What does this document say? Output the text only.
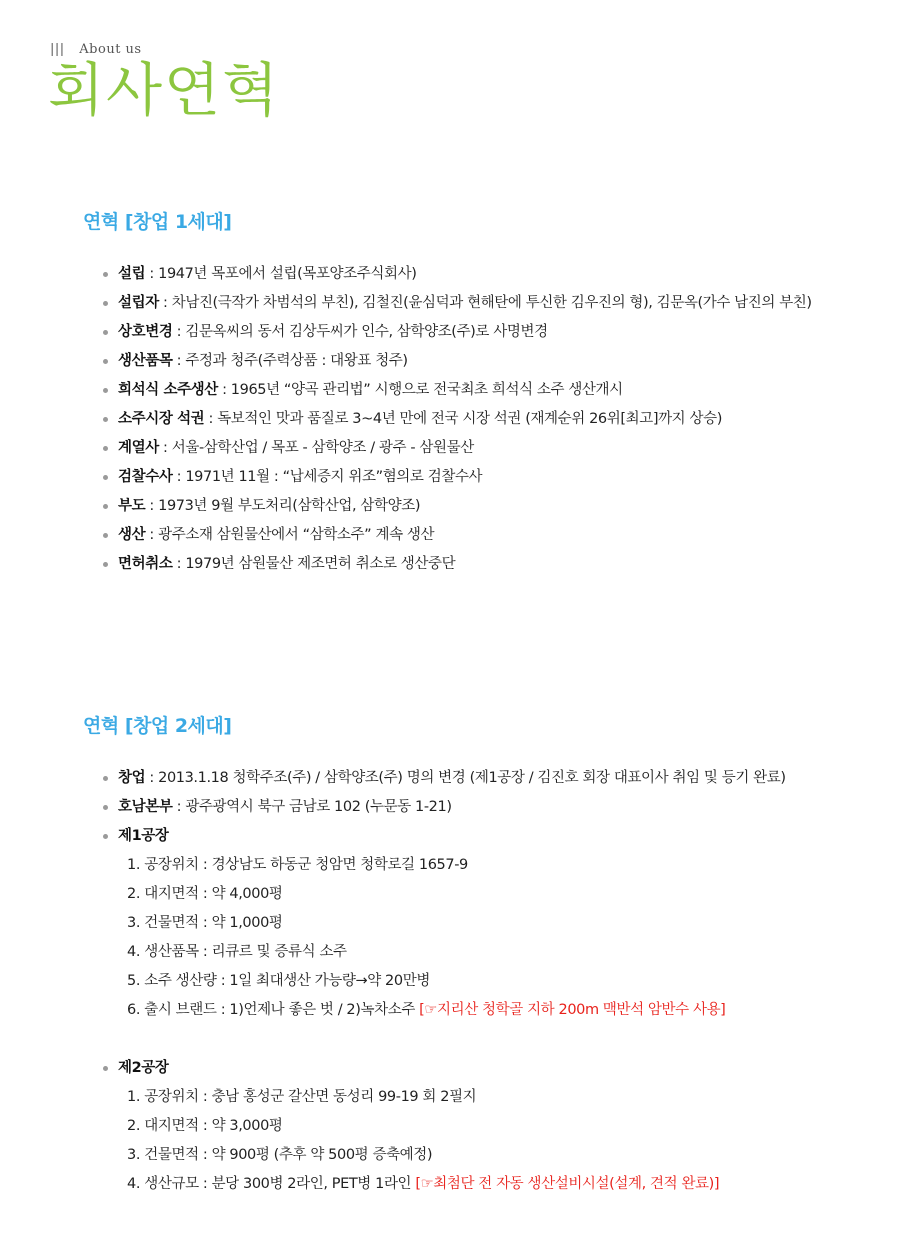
||| About us
회사연혁
연혁 [창업 1세대]
설립 : 1947년 목포에서 설립(목포양조주식회사)
설립자 : 차남진(극작가 차범석의 부친), 김철진(윤심덕과 현해탄에 투신한 김우진의 형), 김문옥(가수 남진의 부친)
상호변경 : 김문옥씨의 동서 김상두씨가 인수, 삼학양조(주)로 사명변경
생산품목 : 주정과 청주(주력상품 : 대왕표 청주)
희석식 소주생산 : 1965년 “양곡 관리법” 시행으로 전국최초 희석식 소주 생산개시
소주시장 석권 : 독보적인 맛과 품질로 3~4년 만에 전국 시장 석권 (재계순위 26위[최고]까지 상승)
계열사 : 서울-삼학산업 / 목포 - 삼학양조 / 광주 - 삼원물산
검찰수사 : 1971년 11월 : “납세증지 위조”혐의로 검찰수사
부도 : 1973년 9월 부도처리(삼학산업, 삼학양조)
생산 : 광주소재 삼원물산에서 “삼학소주” 계속 생산
면허취소 : 1979년 삼원물산 제조면허 취소로 생산중단
연혁 [창업 2세대]
창업 : 2013.1.18 청학주조(주) / 삼학양조(주) 명의 변경 (제1공장 / 김진호 회장 대표이사 취임 및 등기 완료)
호남본부 : 광주광역시 북구 금남로 102 (누문동 1-21)
제1공장
1. 공장위치 : 경상남도 하동군 청암면 청학로길 1657-9
2. 대지면적 : 약 4,000평
3. 건물면적 : 약 1,000평
4. 생산품목 : 리큐르 및 증류식 소주
5. 소주 생산량 : 1일 최대생산 가능량→약 20만병
6. 출시 브랜드 : 1)언제나 좋은 벗 / 2)녹차소주 [☞지리산 청학골 지하 200m 맥반석 암반수 사용]
제2공장
1. 공장위치 : 충남 홍성군 갈산면 동성리 99-19 회 2필지
2. 대지면적 : 약 3,000평
3. 건물면적 : 약 900평 (추후 약 500평 증축예정)
4. 생산규모 : 분당 300병 2라인, PET병 1라인 [☞최첨단 전 자동 생산설비시설(설계, 견적 완료)]
